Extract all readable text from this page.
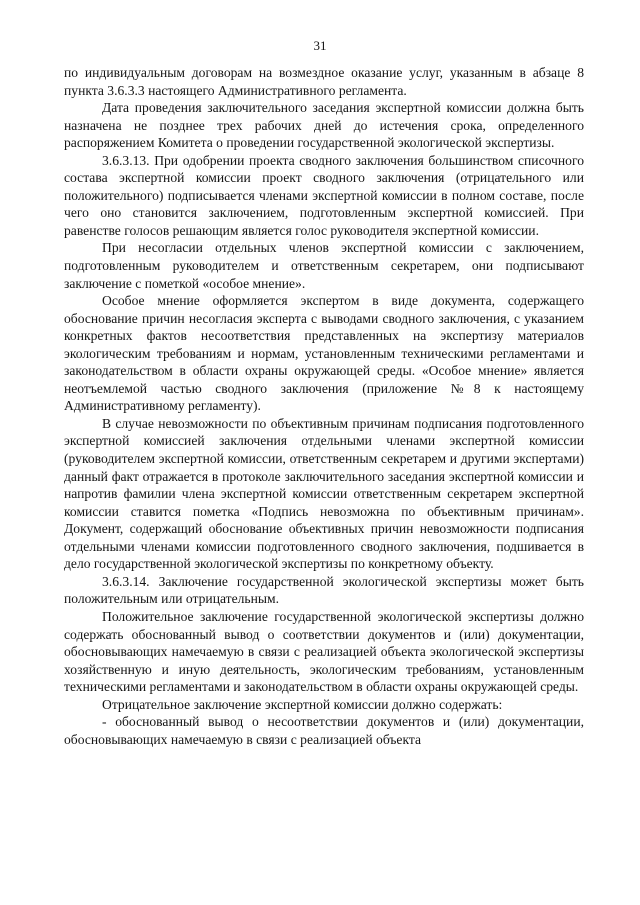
31

по индивидуальным договорам на возмездное оказание услуг, указанным в абзаце 8 пункта 3.6.3.3 настоящего Административного регламента.

Дата проведения заключительного заседания экспертной комиссии должна быть назначена не позднее трех рабочих дней до истечения срока, определенного распоряжением Комитета о проведении государственной экологической экспертизы.

3.6.3.13. При одобрении проекта сводного заключения большинством списочного состава экспертной комиссии проект сводного заключения (отрицательного или положительного) подписывается членами экспертной комиссии в полном составе, после чего оно становится заключением, подготовленным экспертной комиссией. При равенстве голосов решающим является голос руководителя экспертной комиссии.

При несогласии отдельных членов экспертной комиссии с заключением, подготовленным руководителем и ответственным секретарем, они подписывают заключение с пометкой «особое мнение».

Особое мнение оформляется экспертом в виде документа, содержащего обоснование причин несогласия эксперта с выводами сводного заключения, с указанием конкретных фактов несоответствия представленных на экспертизу материалов экологическим требованиям и нормам, установленным техническими регламентами и законодательством в области охраны окружающей среды. «Особое мнение» является неотъемлемой частью сводного заключения (приложение №8 к настоящему Административному регламенту).

В случае невозможности по объективным причинам подписания подготовленного экспертной комиссией заключения отдельными членами экспертной комиссии (руководителем экспертной комиссии, ответственным секретарем и другими экспертами) данный факт отражается в протоколе заключительного заседания экспертной комиссии и напротив фамилии члена экспертной комиссии ответственным секретарем экспертной комиссии ставится пометка «Подпись невозможна по объективным причинам». Документ, содержащий обоснование объективных причин невозможности подписания отдельными членами комиссии подготовленного сводного заключения, подшивается в дело государственной экологической экспертизы по конкретному объекту.

3.6.3.14. Заключение государственной экологической экспертизы может быть положительным или отрицательным.

Положительное заключение государственной экологической экспертизы должно содержать обоснованный вывод о соответствии документов и (или) документации, обосновывающих намечаемую в связи с реализацией объекта экологической экспертизы хозяйственную и иную деятельность, экологическим требованиям, установленным техническими регламентами и законодательством в области охраны окружающей среды.

Отрицательное заключение экспертной комиссии должно содержать:

- обоснованный вывод о несоответствии документов и (или) документации, обосновывающих намечаемую в связи с реализацией объекта
